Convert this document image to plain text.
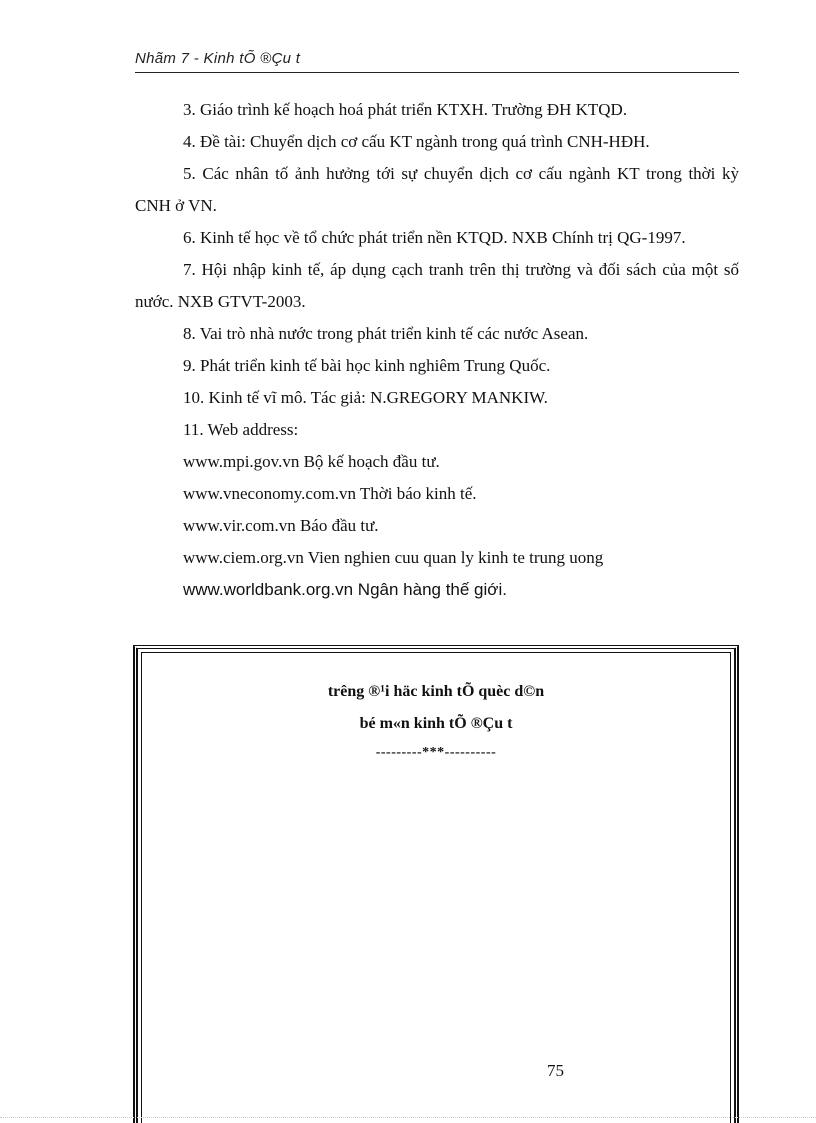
Nhãm 7 - Kinh tÕ ®Çu t

3. Giáo trình kế hoạch hoá phát triển KTXH. Trường ĐH KTQD.

4. Đề tài: Chuyển dịch cơ cấu KT ngành trong quá trình CNH-HĐH.

5. Các nhân tố ảnh hưởng tới sự chuyển dịch cơ cấu ngành KT trong thời kỳ CNH ở VN.

6. Kinh tế học về tổ chức phát triển nền KTQD. NXB Chính trị QG-1997.

7. Hội nhập kinh tế, áp dụng cạch tranh trên thị trường và đối sách của một số nước. NXB GTVT-2003.

8. Vai trò nhà nước trong phát triển kinh tế các nước Asean.

9. Phát triển kinh tế bài học kinh nghiêm Trung Quốc.

10. Kinh tế vĩ mô. Tác giả: N.GREGORY MANKIW.

11. Web address:

www.mpi.gov.vn Bộ kế hoạch đầu tư.

www.vneconomy.com.vn Thời báo kinh tế.

www.vir.com.vn Báo đầu tư.

www.ciem.org.vn Vien nghien cuu quan ly kinh te trung uong

www.worldbank.org.vn Ngân hàng thế giới.

trêng ®¹i häc kinh tÕ quèc d©n
bé m«n kinh tÕ ®Çu t
---------***----------
75
